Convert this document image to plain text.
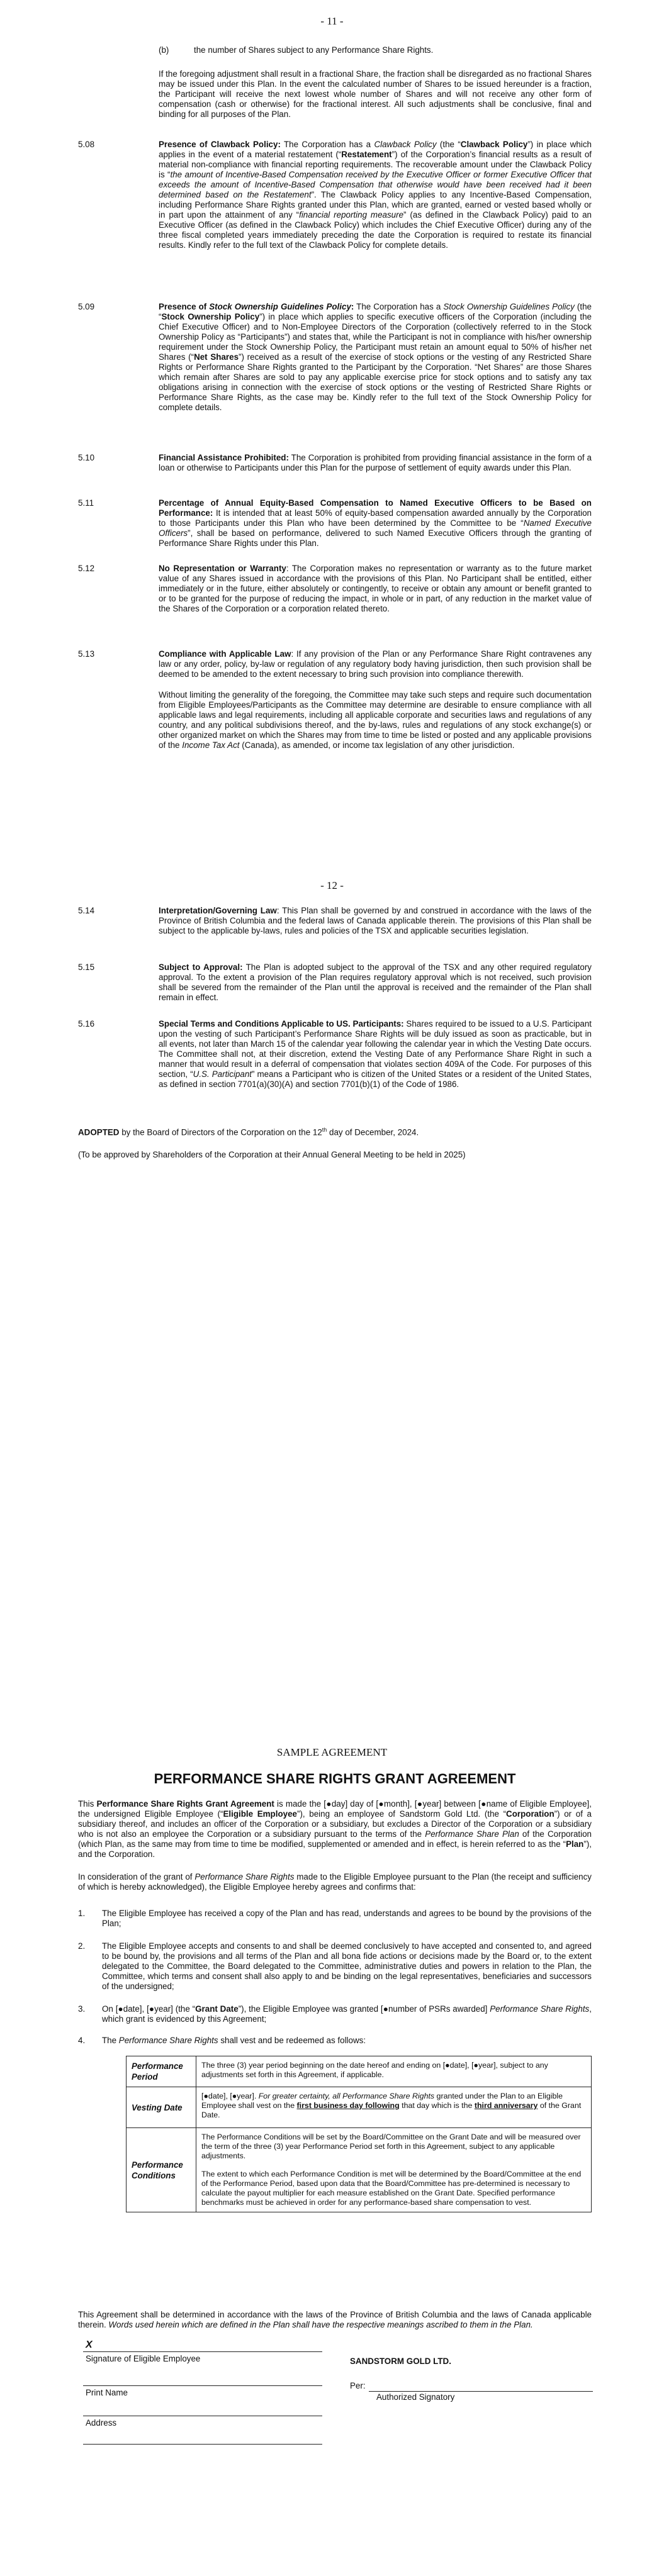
- 11 -
(b)	the number of Shares subject to any Performance Share Rights.
If the foregoing adjustment shall result in a fractional Share, the fraction shall be disregarded as no fractional Shares may be issued under this Plan. In the event the calculated number of Shares to be issued hereunder is a fraction, the Participant will receive the next lowest whole number of Shares and will not receive any other form of compensation (cash or otherwise) for the fractional interest. All such adjustments shall be conclusive, final and binding for all purposes of the Plan.
5.08	Presence of Clawback Policy: The Corporation has a Clawback Policy (the “Clawback Policy”) in place which applies in the event of a material restatement (“Restatement”) of the Corporation’s financial results as a result of material non-compliance with financial reporting requirements. The recoverable amount under the Clawback Policy is “the amount of Incentive-Based Compensation received by the Executive Officer or former Executive Officer that exceeds the amount of Incentive-Based Compensation that otherwise would have been received had it been determined based on the Restatement”. The Clawback Policy applies to any Incentive-Based Compensation, including Performance Share Rights granted under this Plan, which are granted, earned or vested based wholly or in part upon the attainment of any “financial reporting measure” (as defined in the Clawback Policy) paid to an Executive Officer (as defined in the Clawback Policy) which includes the Chief Executive Officer) during any of the three fiscal completed years immediately preceding the date the Corporation is required to restate its financial results. Kindly refer to the full text of the Clawback Policy for complete details.
5.09	Presence of Stock Ownership Guidelines Policy: The Corporation has a Stock Ownership Guidelines Policy (the “Stock Ownership Policy”) in place which applies to specific executive officers of the Corporation (including the Chief Executive Officer) and to Non-Employee Directors of the Corporation (collectively referred to in the Stock Ownership Policy as “Participants”) and states that, while the Participant is not in compliance with his/her ownership requirement under the Stock Ownership Policy, the Participant must retain an amount equal to 50% of his/her net Shares (“Net Shares”) received as a result of the exercise of stock options or the vesting of any Restricted Share Rights or Performance Share Rights granted to the Participant by the Corporation. “Net Shares” are those Shares which remain after Shares are sold to pay any applicable exercise price for stock options and to satisfy any tax obligations arising in connection with the exercise of stock options or the vesting of Restricted Share Rights or Performance Share Rights, as the case may be. Kindly refer to the full text of the Stock Ownership Policy for complete details.
5.10	Financial Assistance Prohibited: The Corporation is prohibited from providing financial assistance in the form of a loan or otherwise to Participants under this Plan for the purpose of settlement of equity awards under this Plan.
5.11	Percentage of Annual Equity-Based Compensation to Named Executive Officers to be Based on Performance: It is intended that at least 50% of equity-based compensation awarded annually by the Corporation to those Participants under this Plan who have been determined by the Committee to be “Named Executive Officers”, shall be based on performance, delivered to such Named Executive Officers through the granting of Performance Share Rights under this Plan.
5.12	No Representation or Warranty: The Corporation makes no representation or warranty as to the future market value of any Shares issued in accordance with the provisions of this Plan. No Participant shall be entitled, either immediately or in the future, either absolutely or contingently, to receive or obtain any amount or benefit granted to or to be granted for the purpose of reducing the impact, in whole or in part, of any reduction in the market value of the Shares of the Corporation or a corporation related thereto.
5.13	Compliance with Applicable Law: If any provision of the Plan or any Performance Share Right contravenes any law or any order, policy, by-law or regulation of any regulatory body having jurisdiction, then such provision shall be deemed to be amended to the extent necessary to bring such provision into compliance therewith.
Without limiting the generality of the foregoing, the Committee may take such steps and require such documentation from Eligible Employees/Participants as the Committee may determine are desirable to ensure compliance with all applicable laws and legal requirements, including all applicable corporate and securities laws and regulations of any country, and any political subdivisions thereof, and the by-laws, rules and regulations of any stock exchange(s) or other organized market on which the Shares may from time to time be listed or posted and any applicable provisions of the Income Tax Act (Canada), as amended, or income tax legislation of any other jurisdiction.
- 12 -
5.14	Interpretation/Governing Law: This Plan shall be governed by and construed in accordance with the laws of the Province of British Columbia and the federal laws of Canada applicable therein. The provisions of this Plan shall be subject to the applicable by-laws, rules and policies of the TSX and applicable securities legislation.
5.15	Subject to Approval: The Plan is adopted subject to the approval of the TSX and any other required regulatory approval. To the extent a provision of the Plan requires regulatory approval which is not received, such provision shall be severed from the remainder of the Plan until the approval is received and the remainder of the Plan shall remain in effect.
5.16	Special Terms and Conditions Applicable to US. Participants: Shares required to be issued to a U.S. Participant upon the vesting of such Participant’s Performance Share Rights will be duly issued as soon as practicable, but in all events, not later than March 15 of the calendar year following the calendar year in which the Vesting Date occurs. The Committee shall not, at their discretion, extend the Vesting Date of any Performance Share Right in such a manner that would result in a deferral of compensation that violates section 409A of the Code. For purposes of this section, “U.S. Participant” means a Participant who is citizen of the United States or a resident of the United States, as defined in section 7701(a)(30)(A) and section 7701(b)(1) of the Code of 1986.
ADOPTED by the Board of Directors of the Corporation on the 12th day of December, 2024.
(To be approved by Shareholders of the Corporation at their Annual General Meeting to be held in 2025)
SAMPLE AGREEMENT
PERFORMANCE SHARE RIGHTS GRANT AGREEMENT
This Performance Share Rights Grant Agreement is made the [●day] day of [●month], [●year] between [●name of Eligible Employee], the undersigned Eligible Employee (“Eligible Employee”), being an employee of Sandstorm Gold Ltd. (the “Corporation”) or of a subsidiary thereof, and includes an officer of the Corporation or a subsidiary, but excludes a Director of the Corporation or a subsidiary who is not also an employee the Corporation or a subsidiary pursuant to the terms of the Performance Share Plan of the Corporation (which Plan, as the same may from time to time be modified, supplemented or amended and in effect, is herein referred to as the “Plan”), and the Corporation.
In consideration of the grant of Performance Share Rights made to the Eligible Employee pursuant to the Plan (the receipt and sufficiency of which is hereby acknowledged), the Eligible Employee hereby agrees and confirms that:
1. The Eligible Employee has received a copy of the Plan and has read, understands and agrees to be bound by the provisions of the Plan;
2. The Eligible Employee accepts and consents to and shall be deemed conclusively to have accepted and consented to, and agreed to be bound by, the provisions and all terms of the Plan and all bona fide actions or decisions made by the Board or, to the extent delegated to the Committee, the Board delegated to the Committee, administrative duties and powers in relation to the Plan, the Committee, which terms and consent shall also apply to and be binding on the legal representatives, beneficiaries and successors of the undersigned;
3. On [●date], [●year] (the “Grant Date”), the Eligible Employee was granted [●number of PSRs awarded] Performance Share Rights, which grant is evidenced by this Agreement;
4. The Performance Share Rights shall vest and be redeemed as follows:
Performance Period	The three (3) year period beginning on the date hereof and ending on [●date], [●year], subject to any adjustments set forth in this Agreement, if applicable.
Vesting Date	[●date], [●year]. For greater certainty, all Performance Share Rights granted under the Plan to an Eligible Employee shall vest on the first business day following that day which is the third anniversary of the Grant Date.
Performance Conditions	The Performance Conditions will be set by the Board/Committee on the Grant Date and will be measured over the term of the three (3) year Performance Period set forth in this Agreement, subject to any applicable adjustments.
The extent to which each Performance Condition is met will be determined by the Board/Committee at the end of the Performance Period, based upon data that the Board/Committee has pre-determined is necessary to calculate the payout multiplier for each measure established on the Grant Date. Specified performance benchmarks must be achieved in order for any performance-based share compensation to vest.
This Agreement shall be determined in accordance with the laws of the Province of British Columbia and the laws of Canada applicable therein. Words used herein which are defined in the Plan shall have the respective meanings ascribed to them in the Plan.
X
Signature of Eligible Employee
Print Name
Address
SANDSTORM GOLD LTD.
Per:
Authorized Signatory
